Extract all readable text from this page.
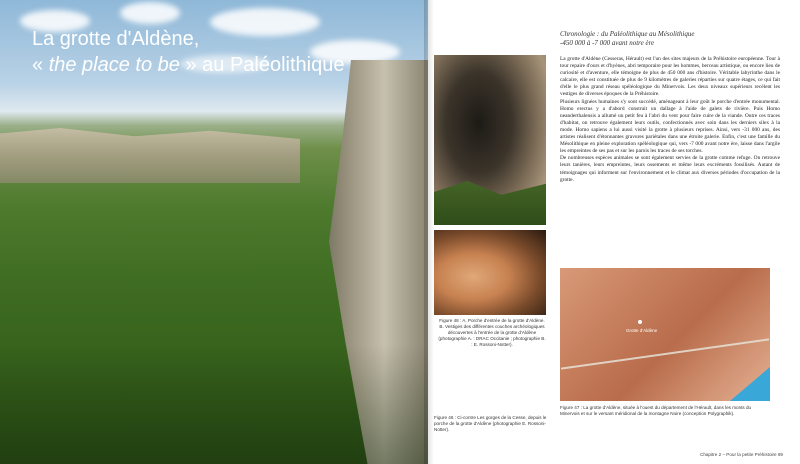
La grotte d'Aldène,
« the place to be » au Paléolithique
Figure 48 : A. Porche d'entrée de la grotte d'Aldène. B. Vestiges des différentes couches archéologiques découvertes à l'entrée de la grotte d'Aldène (photographie A. : DRAC Occitanie ; photographie B. : E. Rossoni-Notter).
Figure 46 : Ci-contre Les gorges de la Cesse, depuis le porche de la grotte d'Aldène (photographie E. Rossoni-Notter).
Chronologie : du Paléolithique au Mésolithique
-450 000 à -7 000 avant notre ère

La grotte d'Aldène (Cesseras, Hérault) est l'un des sites majeurs de la Préhistoire européenne. Tour à tour repaire d'ours et d'hyènes, abri temporaire pour les hommes, berceau artistique, ou encore lieu de curiosité et d'aventure, elle témoigne de plus de 450 000 ans d'histoire. Véritable labyrinthe dans le calcaire, elle est constituée de plus de 9 kilomètres de galeries réparties sur quatre étages, ce qui fait d'elle le plus grand réseau spéléologique du Minervois. Les deux niveaux supérieurs recèlent les vestiges de diverses époques de la Préhistoire.

Plusieurs lignées humaines s'y sont succédé, aménageant à leur goût le porche d'entrée monumental. Homo erectus y a d'abord construit un dallage à l'aide de galets de rivière. Puis Homo neanderthalensis a allumé un petit feu à l'abri du vent pour faire cuire de la viande. Outre ces traces d'habitat, on retrouve également leurs outils, confectionnés avec soin dans les derniers silex à la mode. Homo sapiens a lui aussi visité la grotte à plusieurs reprises. Ainsi, vers -31 000 ans, des artistes réalisent d'étonnantes gravures pariétales dans une étroite galerie. Enfin, c'est une famille du Mésolithique en pleine exploration spéléologique qui, vers -7 000 avant notre ère, laisse dans l'argile les empreintes de ses pas et sur les parois les traces de ses torches.

De nombreuses espèces animales se sont également servies de la grotte comme refuge. On retrouve leurs tanières, leurs empreintes, leurs ossements et même leurs excréments fossilisés. Autant de témoignages qui informent sur l'environnement et le climat aux diverses périodes d'occupation de la grotte.

Grotte d'Aldène
Figure 47 : La grotte d'Aldène, située à l'ouest du département de l'Hérault, dans les monts du Minervois et sur le versant méridional de la montagne Noire (conception Polygraphik).
Chapitre 2 – Pour la petite Préhistoire 69
